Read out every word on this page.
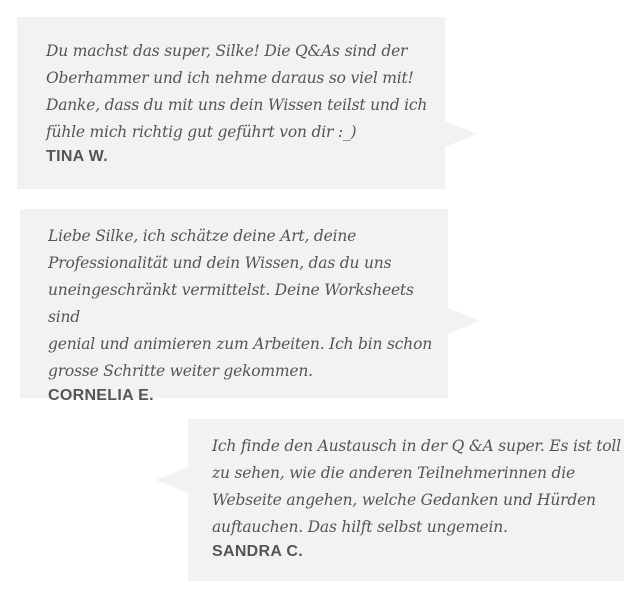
Du machst das super, Silke! Die Q&As sind der
Oberhammer und ich nehme daraus so viel mit!
Danke, dass du mit uns dein Wissen teilst und ich
fühle mich richtig gut geführt von dir :_)

TINA W.

Liebe Silke, ich schätze deine Art, deine
Professionalität und dein Wissen, das du uns
uneingeschränkt vermittelst. Deine Worksheets sind
genial und animieren zum Arbeiten. Ich bin schon
grosse Schritte weiter gekommen.

CORNELIA E.

Ich finde den Austausch in der Q &A super. Es ist toll
zu sehen, wie die anderen Teilnehmerinnen die
Webseite angehen, welche Gedanken und Hürden
auftauchen. Das hilft selbst ungemein.

SANDRA C.
